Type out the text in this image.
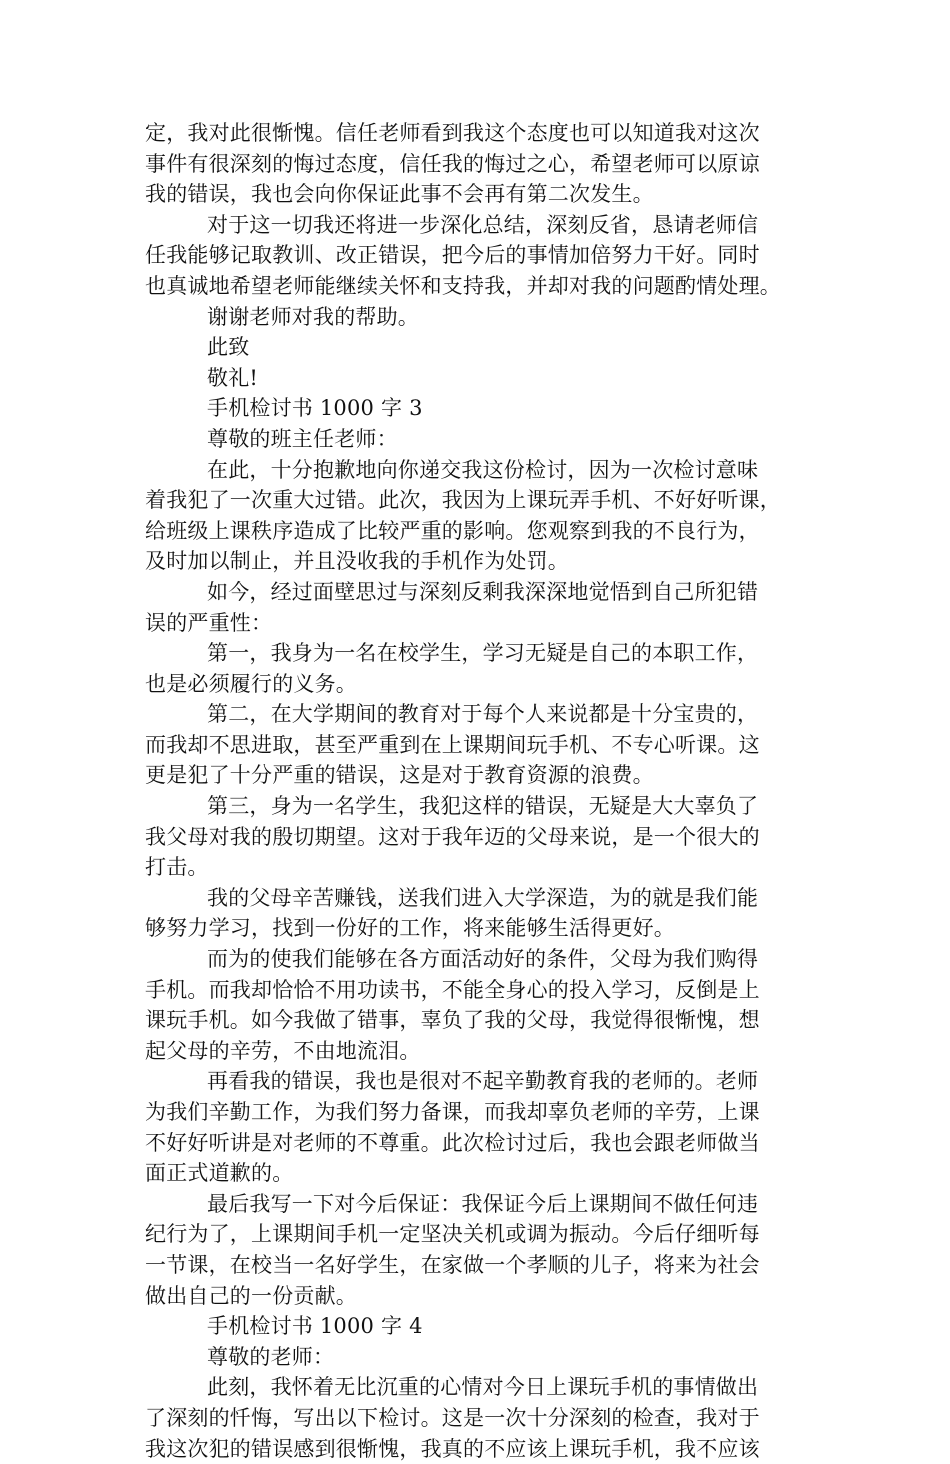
定，我对此很惭愧。信任老师看到我这个态度也可以知道我对这次
事件有很深刻的悔过态度，信任我的悔过之心，希望老师可以原谅
我的错误，我也会向你保证此事不会再有第二次发生。
对于这一切我还将进一步深化总结，深刻反省，恳请老师信
任我能够记取教训、改正错误，把今后的事情加倍努力干好。同时
也真诚地希望老师能继续关怀和支持我，并却对我的问题酌情处理。
谢谢老师对我的帮助。
此致
敬礼!
手机检讨书 1000 字 3
尊敬的班主任老师：
在此，十分抱歉地向你递交我这份检讨，因为一次检讨意味
着我犯了一次重大过错。此次，我因为上课玩弄手机、不好好听课，
给班级上课秩序造成了比较严重的影响。您观察到我的不良行为，
及时加以制止，并且没收我的手机作为处罚。
如今，经过面壁思过与深刻反剩我深深地觉悟到自己所犯错
误的严重性：
第一，我身为一名在校学生，学习无疑是自己的本职工作，
也是必须履行的义务。
第二，在大学期间的教育对于每个人来说都是十分宝贵的，
而我却不思进取，甚至严重到在上课期间玩手机、不专心听课。这
更是犯了十分严重的错误，这是对于教育资源的浪费。
第三，身为一名学生，我犯这样的错误，无疑是大大辜负了
我父母对我的殷切期望。这对于我年迈的父母来说，是一个很大的
打击。
我的父母辛苦赚钱，送我们进入大学深造，为的就是我们能
够努力学习，找到一份好的工作，将来能够生活得更好。
而为的使我们能够在各方面活动好的条件，父母为我们购得
手机。而我却恰恰不用功读书，不能全身心的投入学习，反倒是上
课玩手机。如今我做了错事，辜负了我的父母，我觉得很惭愧，想
起父母的辛劳，不由地流泪。
再看我的错误，我也是很对不起辛勤教育我的老师的。老师
为我们辛勤工作，为我们努力备课，而我却辜负老师的辛劳，上课
不好好听讲是对老师的不尊重。此次检讨过后，我也会跟老师做当
面正式道歉的。
最后我写一下对今后保证：我保证今后上课期间不做任何违
纪行为了，上课期间手机一定坚决关机或调为振动。今后仔细听每
一节课，在校当一名好学生，在家做一个孝顺的儿子，将来为社会
做出自己的一份贡献。
手机检讨书 1000 字 4
尊敬的老师：
此刻，我怀着无比沉重的心情对今日上课玩手机的事情做出
了深刻的忏悔，写出以下检讨。这是一次十分深刻的检查，我对于
我这次犯的错误感到很惭愧，我真的不应该上课玩手机，我不应该
